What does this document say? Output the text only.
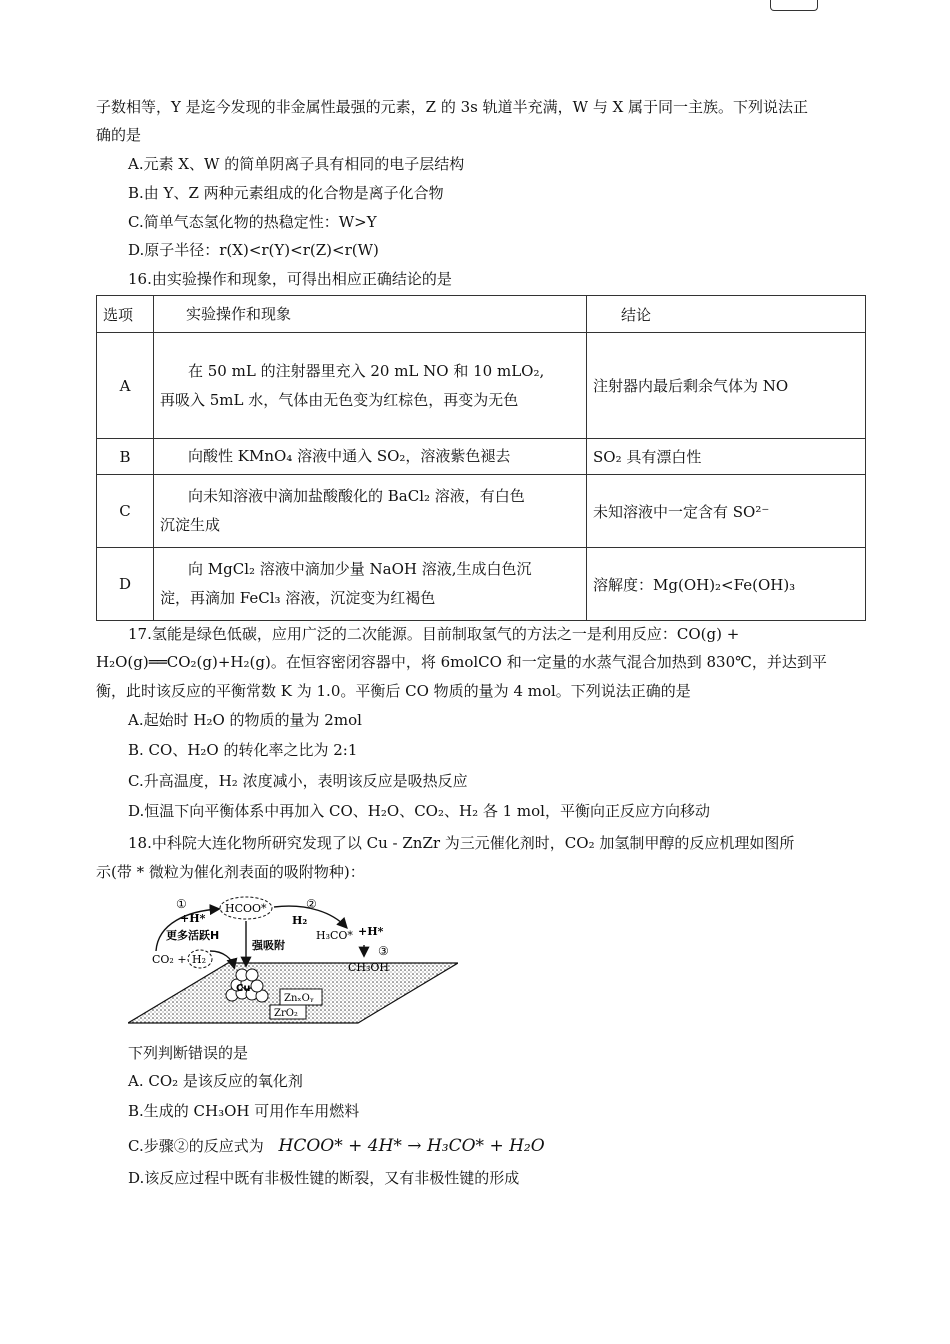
子数相等，Y 是迄今发现的非金属性最强的元素，Z 的 3s 轨道半充满，W 与 X 属于同一主族。下列说法正
确的是
A.元素 X、W 的简单阴离子具有相同的电子层结构
B.由 Y、Z 两种元素组成的化合物是离子化合物
C.简单气态氢化物的热稳定性：W>Y
D.原子半径：r(X)<r(Y)<r(Z)<r(W)
16.由实验操作和现象，可得出相应正确结论的是
选项	实验操作和现象	结论
A	在 50 mL 的注射器里充入 20 mL NO 和 10 mLO₂,
再吸入 5mL 水，气体由无色变为红棕色，再变为无色	注射器内最后剩余气体为 NO
B	向酸性 KMnO₄ 溶液中通入 SO₂，溶液紫色褪去	SO₂ 具有漂白性
C	向未知溶液中滴加盐酸酸化的 BaCl₂ 溶液，有白色
沉淀生成	未知溶液中一定含有 SO²⁻
D	向 MgCl₂ 溶液中滴加少量 NaOH 溶液,生成白色沉
淀，再滴加 FeCl₃ 溶液，沉淀变为红褐色	溶解度：Mg(OH)₂<Fe(OH)₃
17.氢能是绿色低碳，应用广泛的二次能源。目前制取氢气的方法之一是利用反应：CO(g) +
H₂O(g)══CO₂(g)+H₂(g)。在恒容密闭容器中，将 6molCO 和一定量的水蒸气混合加热到 830℃，并达到平
衡，此时该反应的平衡常数 K 为 1.0。平衡后 CO 物质的量为 4 mol。下列说法正确的是
A.起始时 H₂O 的物质的量为 2mol
B. CO、H₂O 的转化率之比为 2:1
C.升高温度，H₂ 浓度减小，表明该反应是吸热反应
D.恒温下向平衡体系中再加入 CO、H₂O、CO₂、H₂ 各 1 mol，平衡向正反应方向移动
18.中科院大连化物所研究发现了以 Cu - ZnZr 为三元催化剂时，CO₂ 加氢制甲醇的反应机理如图所
示(带 * 微粒为催化剂表面的吸附物种)：
ZnₓOᵧ
ZrO₂
Cu
HCOO*
①
+H*
②
H₂
③
更多活跃H
强吸附
CO₂ + H₂
H₃CO* +H*
CH₃OH
下列判断错误的是
A. CO₂ 是该反应的氧化剂
B.生成的 CH₃OH 可用作车用燃料
C.步骤②的反应式为 HCOO* + 4H* → H₃CO* + H₂O
D.该反应过程中既有非极性键的断裂，又有非极性键的形成
